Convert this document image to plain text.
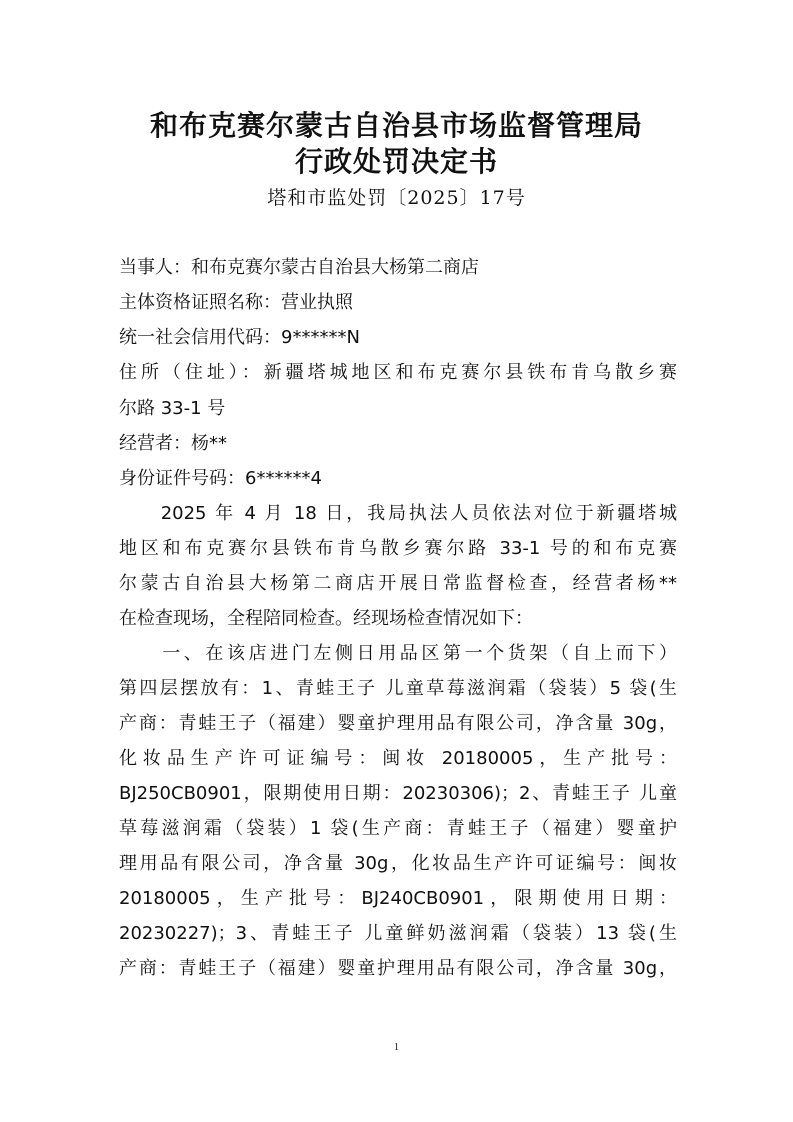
和布克赛尔蒙古自治县市场监督管理局
行政处罚决定书
塔和市监处罚〔2025〕17号
当事人：和布克赛尔蒙古自治县大杨第二商店
主体资格证照名称：营业执照
统一社会信用代码：9******N
住所（住址）：新疆塔城地区和布克赛尔县铁布肯乌散乡赛
尔路 33-1 号
经营者：杨**
身份证件号码：6******4
　　2025 年 4 月 18 日，我局执法人员依法对位于新疆塔城
地区和布克赛尔县铁布肯乌散乡赛尔路 33-1 号的和布克赛
尔蒙古自治县大杨第二商店开展日常监督检查，经营者杨**
在检查现场，全程陪同检查。经现场检查情况如下：
　　一、在该店进门左侧日用品区第一个货架（自上而下）
第四层摆放有：1、青蛙王子 儿童草莓滋润霜（袋装）5 袋(生
产商：青蛙王子（福建）婴童护理用品有限公司，净含量 30g，
化妆品生产许可证编号：闽妆 20180005，生产批号：
BJ250CB0901，限期使用日期：20230306)；2、青蛙王子 儿童
草莓滋润霜（袋装）1 袋(生产商：青蛙王子（福建）婴童护
理用品有限公司，净含量 30g，化妆品生产许可证编号：闽妆
20180005，生产批号：BJ240CB0901，限期使用日期：
20230227)；3、青蛙王子 儿童鲜奶滋润霜（袋装）13 袋(生
产商：青蛙王子（福建）婴童护理用品有限公司，净含量 30g，
1
